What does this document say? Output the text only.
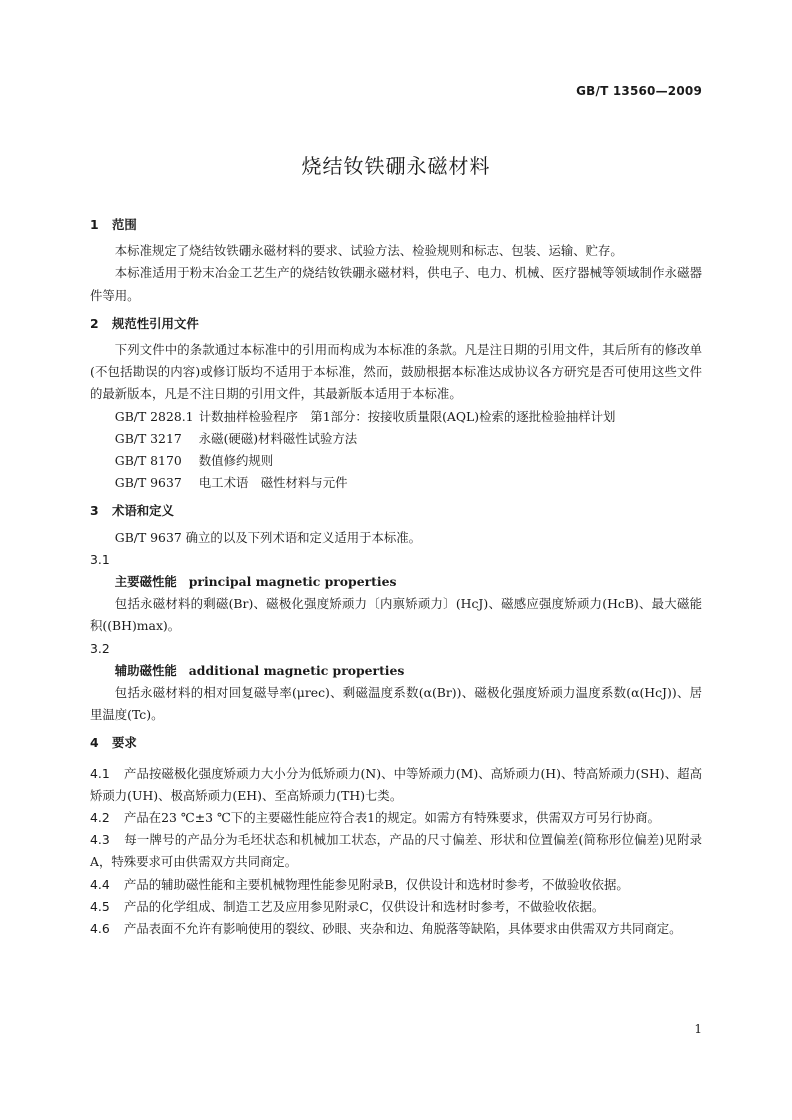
GB/T 13560—2009
烧结钕铁硼永磁材料

1 范围

本标准规定了烧结钕铁硼永磁材料的要求、试验方法、检验规则和标志、包装、运输、贮存。

本标准适用于粉末冶金工艺生产的烧结钕铁硼永磁材料，供电子、电力、机械、医疗器械等领域制作永磁器件等用。

2 规范性引用文件

下列文件中的条款通过本标准中的引用而构成为本标准的条款。凡是注日期的引用文件，其后所有的修改单(不包括勘误的内容)或修订版均不适用于本标准，然而，鼓励根据本标准达成协议各方研究是否可使用这些文件的最新版本，凡是不注日期的引用文件，其最新版本适用于本标准。

GB/T 2828.1 计数抽样检验程序　第1部分：按接收质量限(AQL)检索的逐批检验抽样计划

GB/T 3217 永磁(硬磁)材料磁性试验方法

GB/T 8170 数值修约规则

GB/T 9637 电工术语　磁性材料与元件

3 术语和定义

GB/T 9637 确立的以及下列术语和定义适用于本标准。

3.1

主要磁性能 principal magnetic properties

包括永磁材料的剩磁(Br)、磁极化强度矫顽力〔内禀矫顽力〕(HcJ)、磁感应强度矫顽力(HcB)、最大磁能积((BH)max)。

3.2

辅助磁性能 additional magnetic properties

包括永磁材料的相对回复磁导率(μrec)、剩磁温度系数(α(Br))、磁极化强度矫顽力温度系数(α(HcJ))、居里温度(Tc)。

4 要求

4.1 产品按磁极化强度矫顽力大小分为低矫顽力(N)、中等矫顽力(M)、高矫顽力(H)、特高矫顽力(SH)、超高矫顽力(UH)、极高矫顽力(EH)、至高矫顽力(TH)七类。

4.2 产品在23 ℃±3 ℃下的主要磁性能应符合表1的规定。如需方有特殊要求，供需双方可另行协商。

4.3 每一牌号的产品分为毛坯状态和机械加工状态，产品的尺寸偏差、形状和位置偏差(简称形位偏差)见附录A，特殊要求可由供需双方共同商定。

4.4 产品的辅助磁性能和主要机械物理性能参见附录B，仅供设计和选材时参考，不做验收依据。

4.5 产品的化学组成、制造工艺及应用参见附录C，仅供设计和选材时参考，不做验收依据。

4.6 产品表面不允许有影响使用的裂纹、砂眼、夹杂和边、角脱落等缺陷，具体要求由供需双方共同商定。

1
